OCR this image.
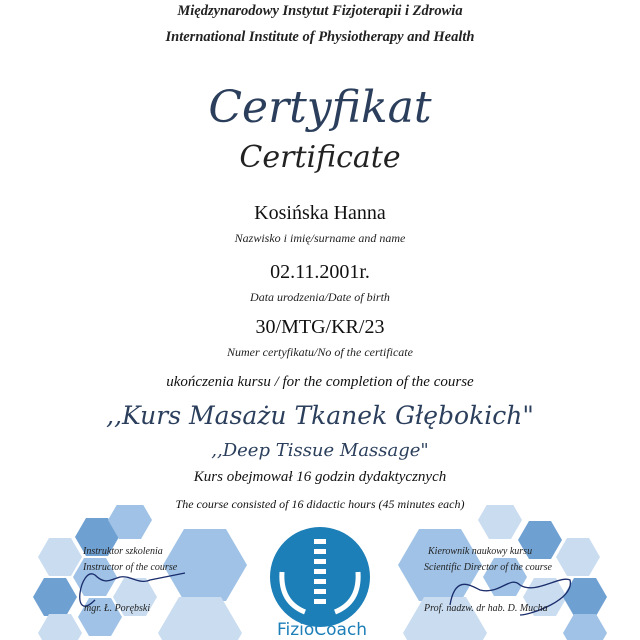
Międzynarodowy Instytut Fizjoterapii i Zdrowia
International Institute of Physiotherapy and Health
Certyfikat
Certificate
Kosińska Hanna
Nazwisko i imię/surname and name
02.11.2001r.
Data urodzenia/Date of birth
30/MTG/KR/23
Numer certyfikatu/No of the certificate
ukończenia kursu / for the completion of the course
,,Kurs Masażu Tkanek Głębokich"
,,Deep Tissue Massage"
Kurs obejmował 16 godzin dydaktycznych
The course consisted of 16 didactic hours (45 minutes each)
Instruktor szkolenia
Instructor of the course
mgr. Ł. Porębski
Kierownik naukowy kursu
Scientific Director of the course
Prof. nadzw. dr hab. D. Mucha
FizioCoach
